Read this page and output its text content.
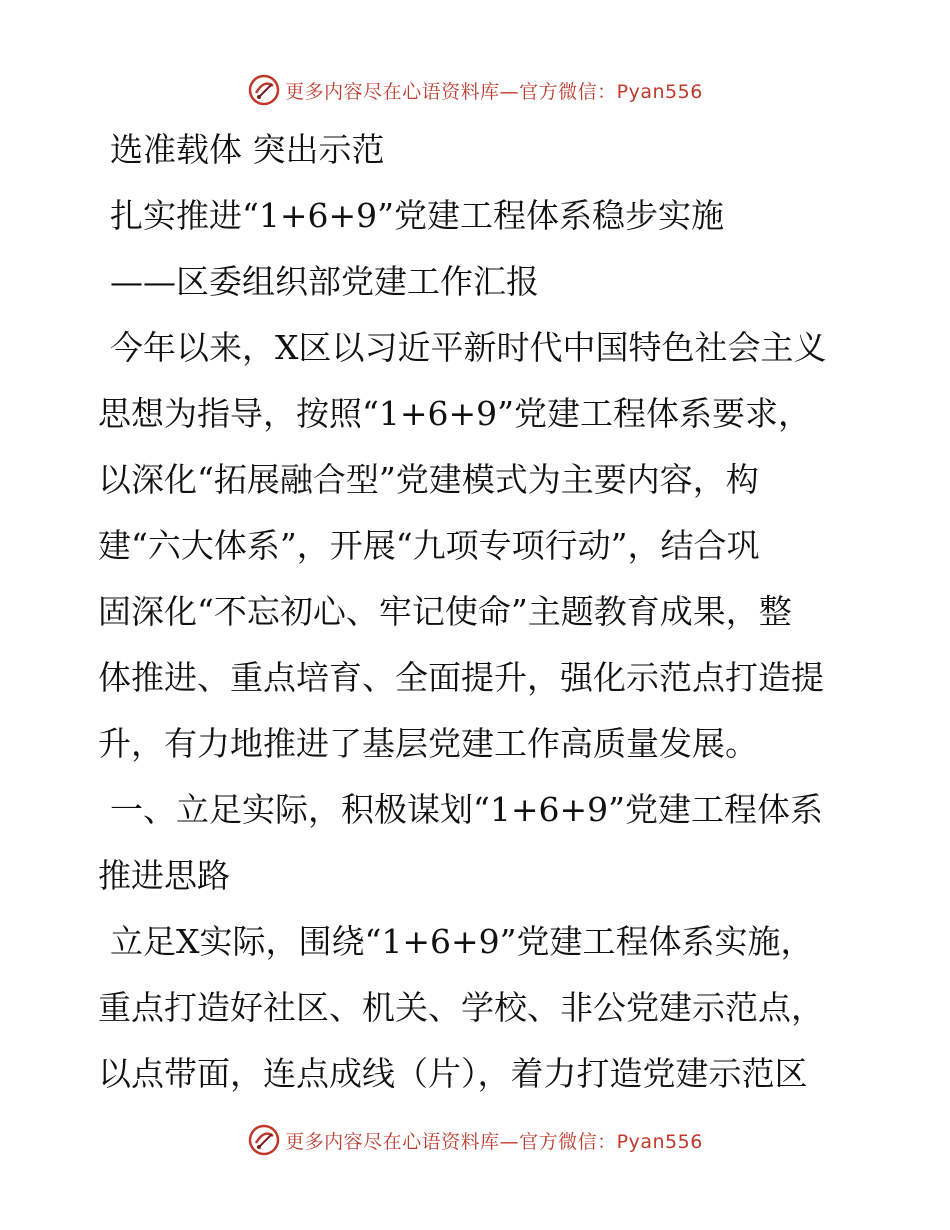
更多内容尽在心语资料库—官方微信：Pyan556

选准载体 突出示范

扎实推进“1+6+9”党建工程体系稳步实施

——区委组织部党建工作汇报

今年以来，X区以习近平新时代中国特色社会主义

思想为指导，按照“1+6+9”党建工程体系要求，

以深化“拓展融合型”党建模式为主要内容，构

建“六大体系”，开展“九项专项行动”，结合巩

固深化“不忘初心、牢记使命”主题教育成果，整

体推进、重点培育、全面提升，强化示范点打造提

升，有力地推进了基层党建工作高质量发展。

一、立足实际，积极谋划“1+6+9”党建工程体系

推进思路

立足X实际，围绕“1+6+9”党建工程体系实施，

重点打造好社区、机关、学校、非公党建示范点，

以点带面，连点成线（片），着力打造党建示范区

更多内容尽在心语资料库—官方微信：Pyan556
